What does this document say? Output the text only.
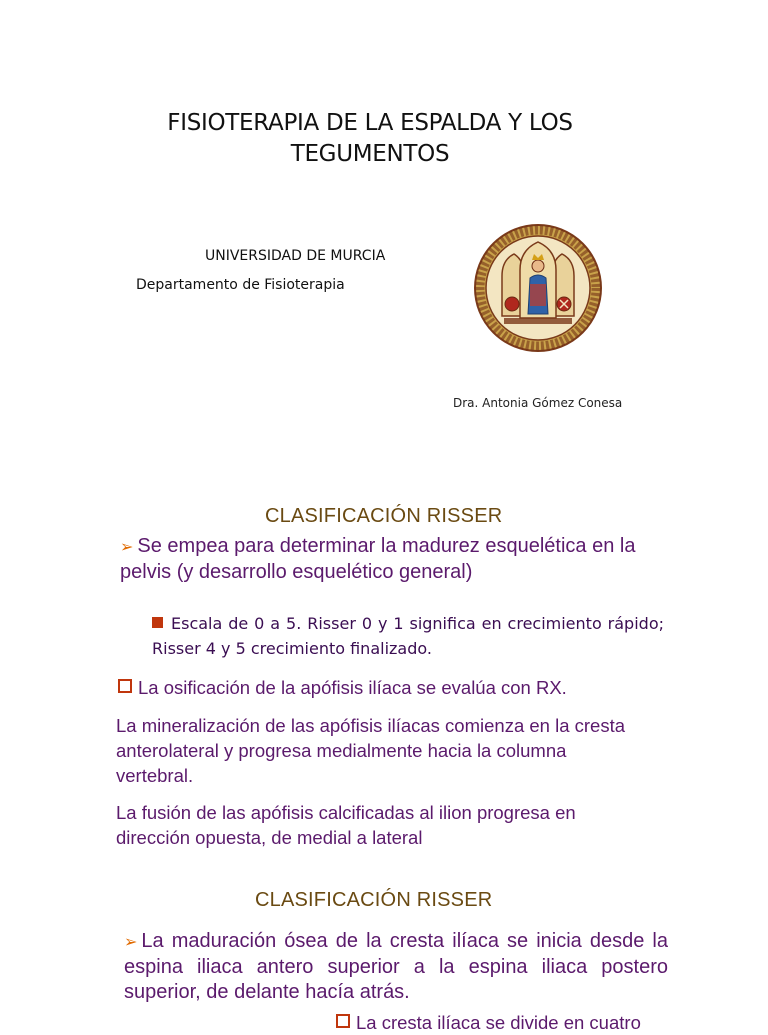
FISIOTERAPIA DE LA ESPALDA Y LOS TEGUMENTOS
UNIVERSIDAD DE MURCIA
Departamento de Fisioterapia
Dra. Antonia Gómez Conesa
CLASIFICACIÓN RISSER
➢ Se empea para determinar la madurez esquelética en la pelvis (y desarrollo esquelético general)
Escala de 0 a 5. Risser 0 y 1 significa en crecimiento rápido; Risser 4 y 5 crecimiento finalizado.
La osificación de la apófisis ilíaca se evalúa con RX.
La mineralización de las apófisis ilíacas comienza en la cresta anterolateral y progresa medialmente hacia la columna vertebral.
La fusión de las apófisis calcificadas al ilion progresa en dirección opuesta, de medial a lateral
CLASIFICACIÓN RISSER
➢ La maduración ósea de la cresta ilíaca se inicia desde la espina iliaca antero superior a la espina iliaca postero superior, de delante hacía atrás.
La cresta ilíaca se divide en cuatro
